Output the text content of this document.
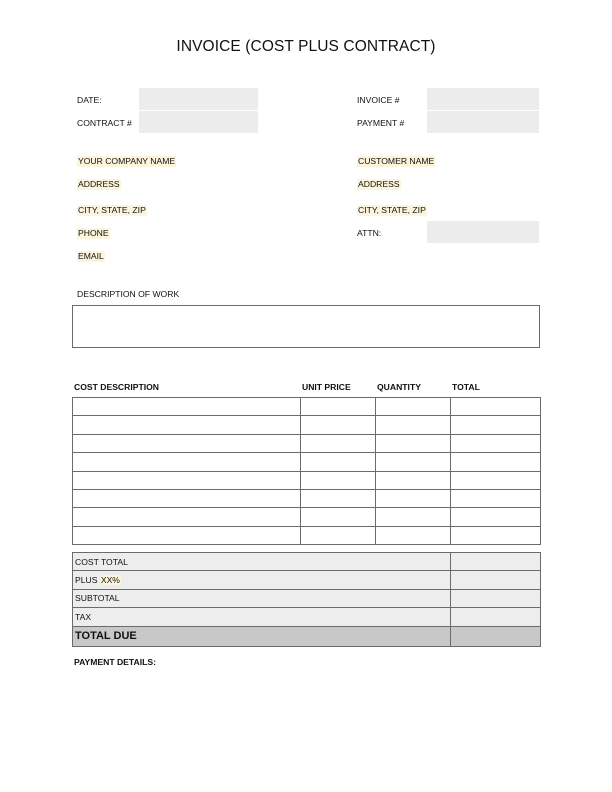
INVOICE (COST PLUS CONTRACT)
DATE:
CONTRACT #
INVOICE #
PAYMENT #
YOUR COMPANY NAME
ADDRESS
CITY, STATE, ZIP
PHONE
EMAIL
CUSTOMER NAME
ADDRESS
CITY, STATE, ZIP
ATTN:
DESCRIPTION OF WORK
COST DESCRIPTION	UNIT PRICE	QUANTITY	TOTAL

COST TOTAL	
PLUS XX%	
SUBTOTAL	
TAX	
TOTAL DUE	
PAYMENT DETAILS:
